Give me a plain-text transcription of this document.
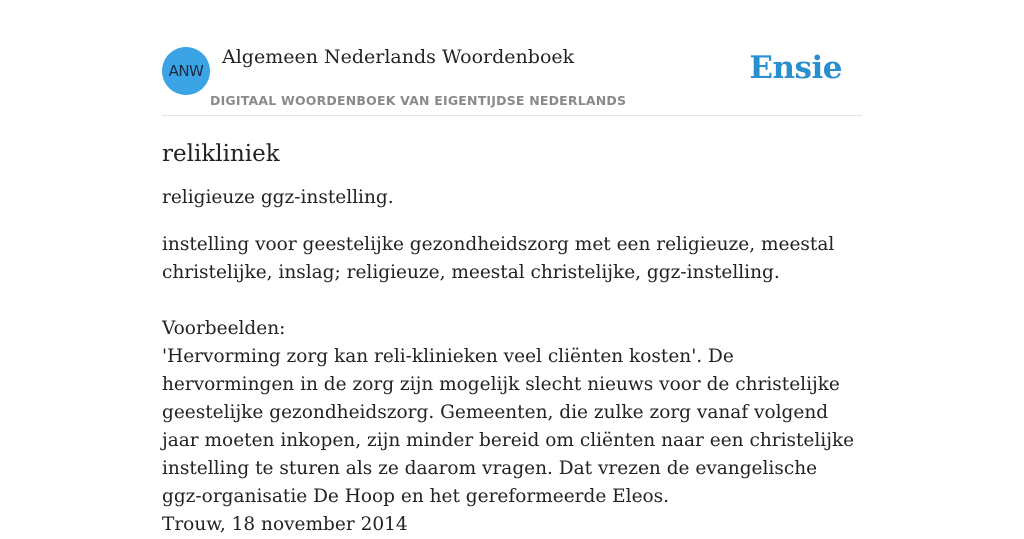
ANW
Algemeen Nederlands Woordenboek
DIGITAAL WOORDENBOEK VAN EIGENTIJDSE NEDERLANDS
Ensie
relikliniek

religieuze ggz-instelling.

instelling voor geestelijke gezondheidszorg met een religieuze, meestal christelijke, inslag; religieuze, meestal christelijke, ggz-instelling.
Voorbeelden:
'Hervorming zorg kan reli-klinieken veel cliënten kosten'. De hervormingen in de zorg zijn mogelijk slecht nieuws voor de christelijke geestelijke gezondheidszorg. Gemeenten, die zulke zorg vanaf volgend jaar moeten inkopen, zijn minder bereid om cliënten naar een christelijke instelling te sturen als ze daarom vragen. Dat vrezen de evangelische ggz-organisatie De Hoop en het gereformeerde Eleos.
Trouw, 18 november 2014
